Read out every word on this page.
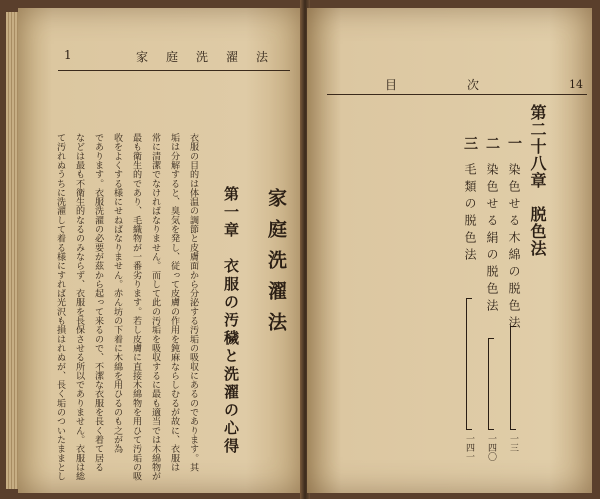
1	家庭洗濯法
家庭洗濯法
第一章　衣服の汚穢と洗濯の心得
衣服の目的は体温の調節と皮膚面から分泌する汚垢の吸収にあるのであります。其
垢は分解すると、臭気を発し、従って皮膚の作用を鈍麻ならしむるが故に、衣服は
常に清潔でなければなりません。而して此の汚垢を吸収するに最も適当では木綿物が
最も衛生的であり、毛織物が一番劣ります。若し皮膚に直接木綿物を用ひて汚垢の吸
收をよくする様にせねばなりません。赤ん坊の下着に木綿を用ひるのも之が為
であります。衣服洗濯の必要が茲から起って来るので、不潔な衣服を長く着て居る
などは最も不衛生的なるのみならず、衣服を長保させる所以でありません。衣服は総
て汚れぬうちに洗濯して着る様にすれば光沢も損はれぬが、長く垢のついたままとし
14
目次
第二十八章　脱色法
一
染色せる木綿の脱色法
一三
二
染色せる絹の脱色法
一四〇
三
毛類の脱色法
一四一
